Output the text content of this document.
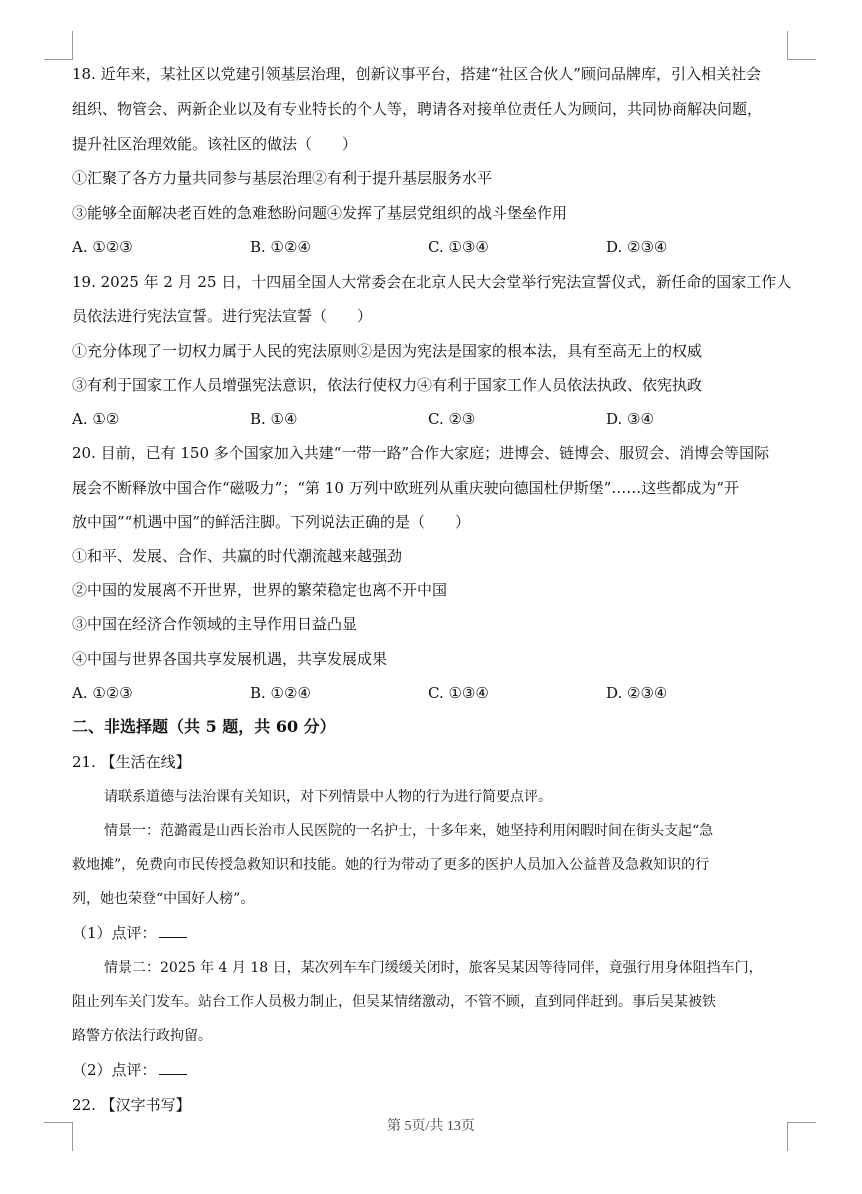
18. 近年来，某社区以党建引领基层治理，创新议事平台，搭建“社区合伙人”顾问品牌库，引入相关社会
组织、物管会、两新企业以及有专业特长的个人等，聘请各对接单位责任人为顾问，共同协商解决问题，
提升社区治理效能。该社区的做法（　　）
①汇聚了各方力量共同参与基层治理②有利于提升基层服务水平
③能够全面解决老百姓的急难愁盼问题④发挥了基层党组织的战斗堡垒作用
A. ①②③	B. ①②④	C. ①③④	D. ②③④
19. 2025 年 2 月 25 日，十四届全国人大常委会在北京人民大会堂举行宪法宣誓仪式，新任命的国家工作人
员依法进行宪法宣誓。进行宪法宣誓（　　）
①充分体现了一切权力属于人民的宪法原则②是因为宪法是国家的根本法，具有至高无上的权威
③有利于国家工作人员增强宪法意识，依法行使权力④有利于国家工作人员依法执政、依宪执政
A. ①②	B. ①④	C. ②③	D. ③④
20. 目前，已有 150 多个国家加入共建“一带一路”合作大家庭；进博会、链博会、服贸会、消博会等国际
展会不断释放中国合作“磁吸力”；“第 10 万列中欧班列从重庆驶向德国杜伊斯堡”……这些都成为“开
放中国”“机遇中国”的鲜活注脚。下列说法正确的是（　　）
①和平、发展、合作、共赢的时代潮流越来越强劲
②中国的发展离不开世界，世界的繁荣稳定也离不开中国
③中国在经济合作领域的主导作用日益凸显
④中国与世界各国共享发展机遇，共享发展成果
A. ①②③	B. ①②④	C. ①③④	D. ②③④
二、非选择题（共 5 题，共 60 分）
21. 【生活在线】
请联系道德与法治课有关知识，对下列情景中人物的行为进行简要点评。
情景一：范潞霞是山西长治市人民医院的一名护士，十多年来，她坚持利用闲暇时间在街头支起“急
救地摊”，免费向市民传授急救知识和技能。她的行为带动了更多的医护人员加入公益普及急救知识的行
列，她也荣登“中国好人榜”。
（1）点评：
情景二：2025 年 4 月 18 日，某次列车车门缓缓关闭时，旅客吴某因等待同伴，竟强行用身体阻挡车门，
阻止列车关门发车。站台工作人员极力制止，但吴某情绪激动，不管不顾，直到同伴赶到。事后吴某被铁
路警方依法行政拘留。
（2）点评：
22. 【汉字书写】
第 5页/共 13页
